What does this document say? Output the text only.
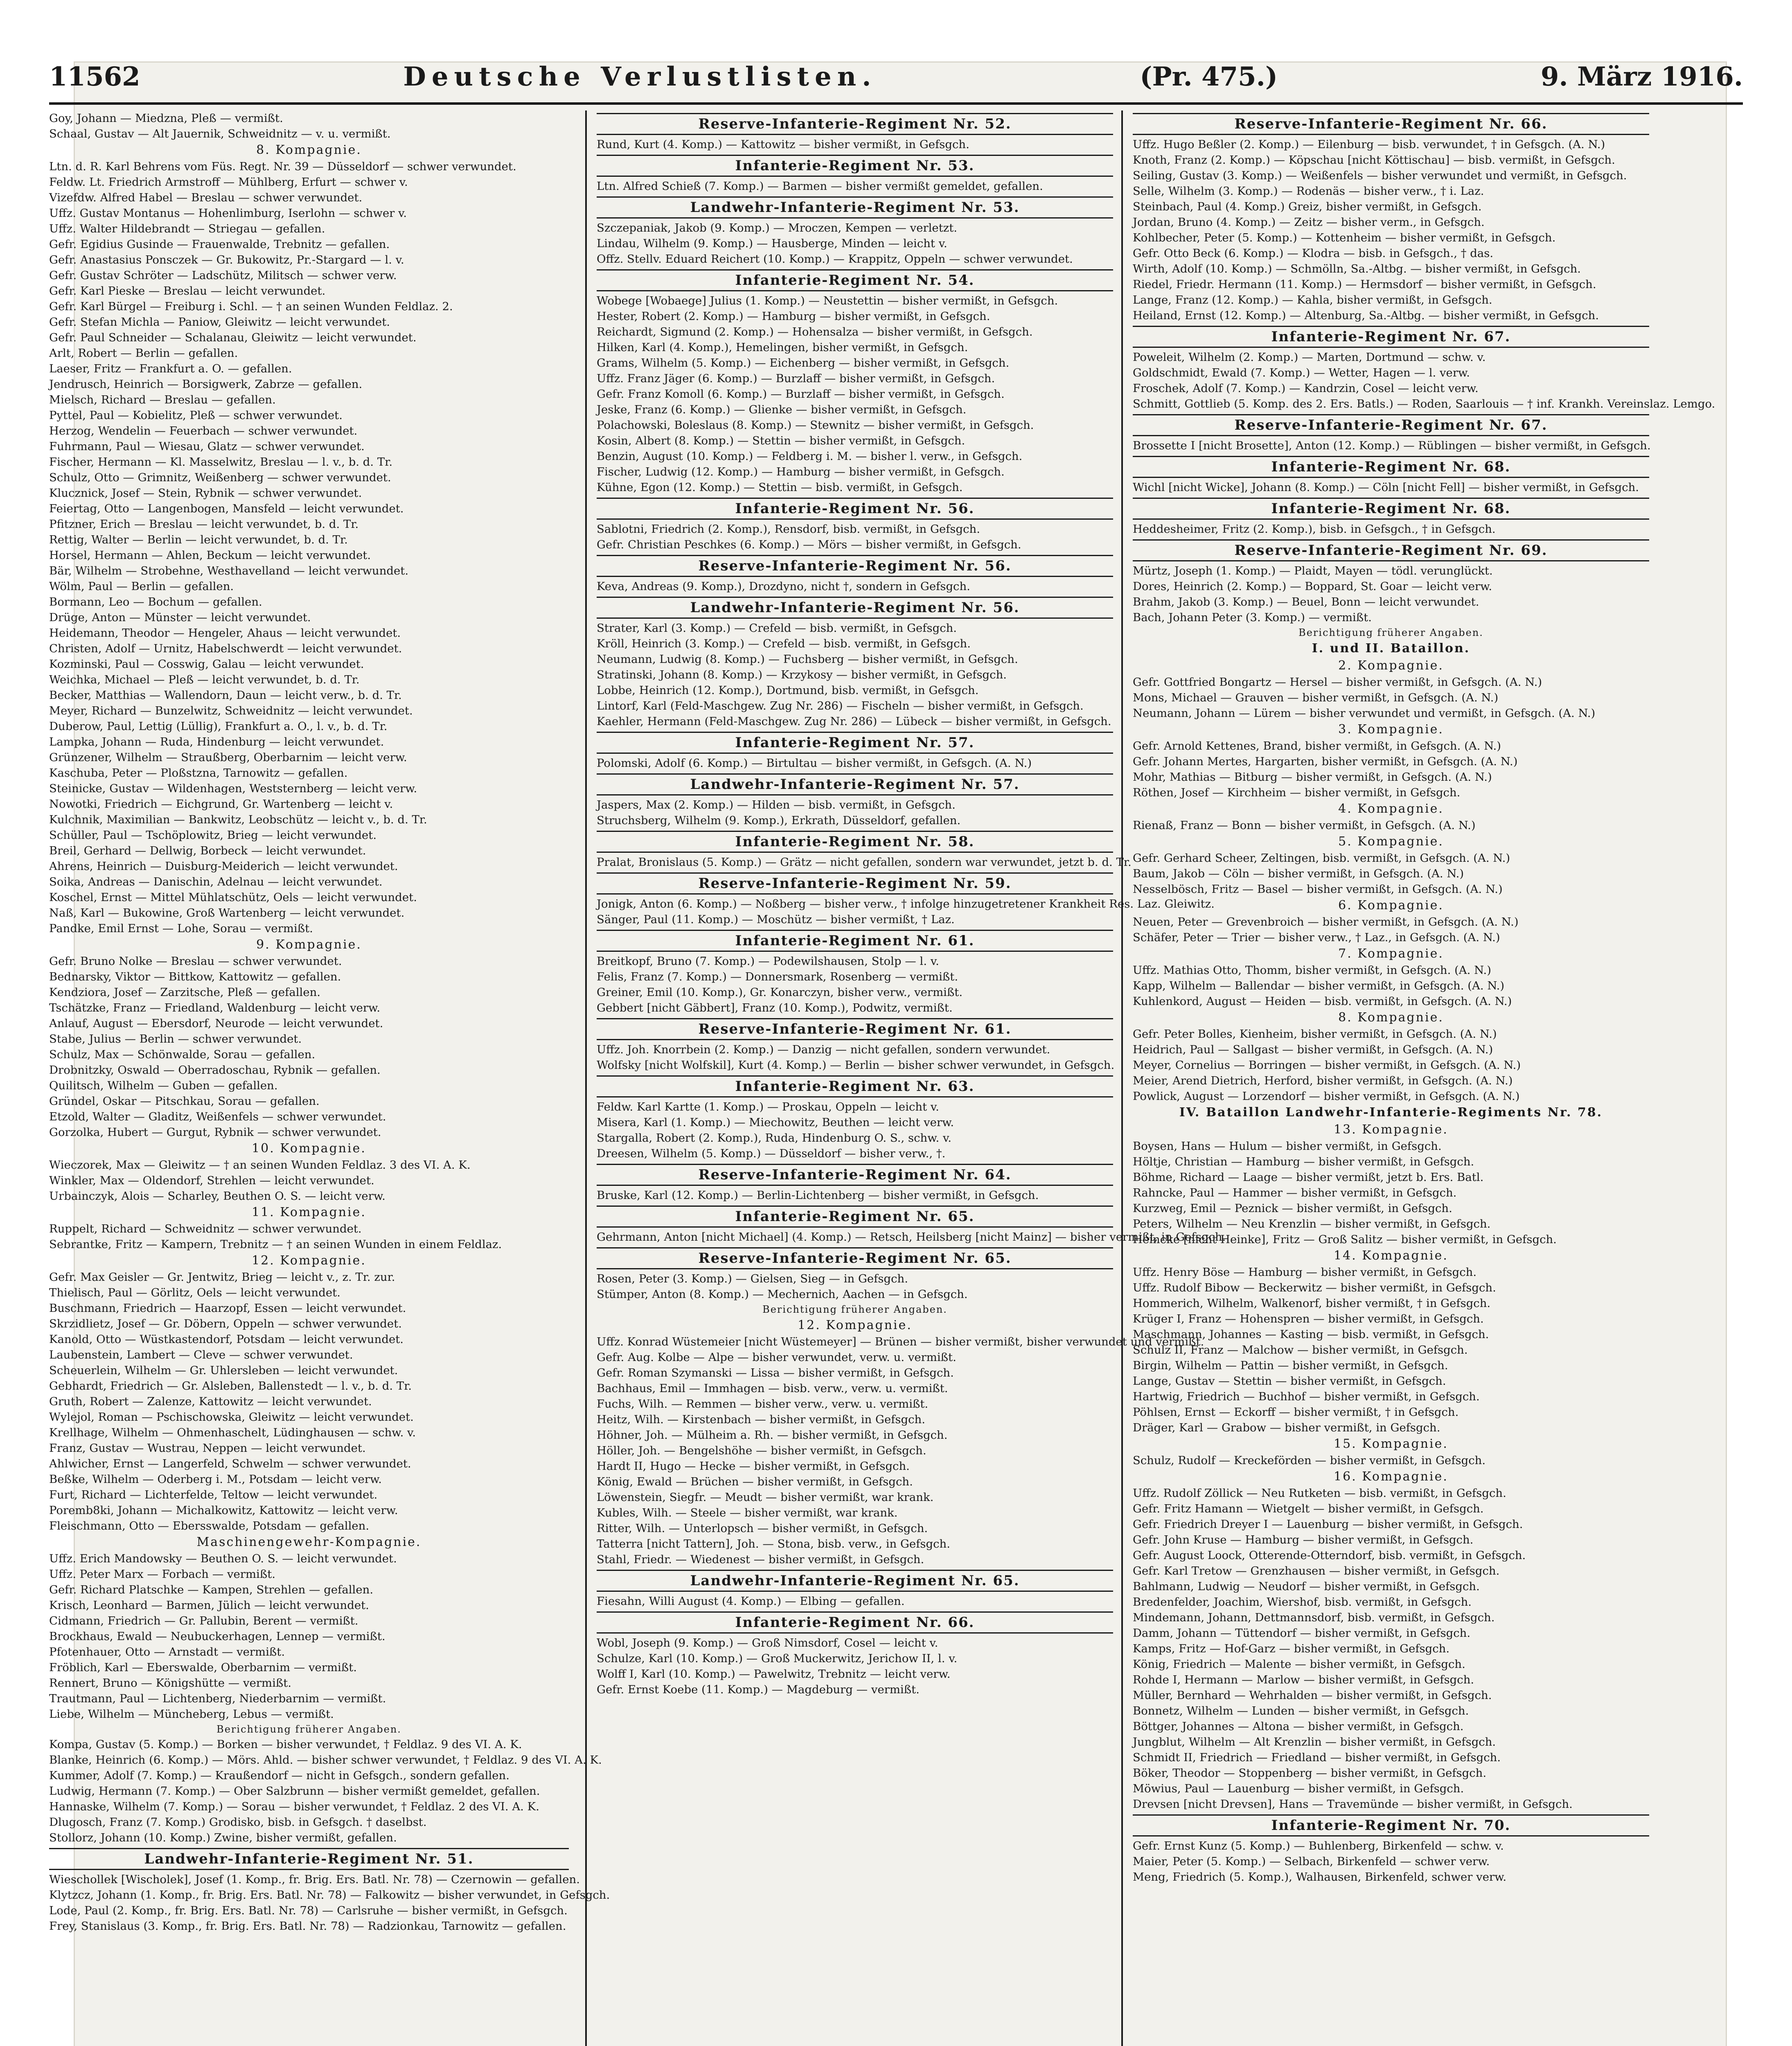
11562	Deutsche Verlustlisten.	(Pr. 475.)	9. März 1916.
Goy, Johann — Miedzna, Pleß — vermißt.
Schaal, Gustav — Alt Jauernik, Schweidnitz — v. u. vermißt.
8. Kompagnie.
Ltn. d. R. Karl Behrens vom Füs. Regt. Nr. 39 — Düsseldorf — schwer verwundet.
Feldw. Lt. Friedrich Armstroff — Mühlberg, Erfurt — schwer v.
Vizefdw. Alfred Habel — Breslau — schwer verwundet.
Uffz. Gustav Montanus — Hohenlimburg, Iserlohn — schwer v.
Uffz. Walter Hildebrandt — Striegau — gefallen.
Gefr. Egidius Gusinde — Frauenwalde, Trebnitz — gefallen.
Gefr. Anastasius Ponsczek — Gr. Bukowitz, Pr.-Stargard — l. v.
Gefr. Gustav Schröter — Ladschütz, Militsch — schwer verw.
Gefr. Karl Pieske — Breslau — leicht verwundet.
Gefr. Karl Bürgel — Freiburg i. Schl. — † an seinen Wunden Feldlaz. 2.
Gefr. Stefan Michla — Paniow, Gleiwitz — leicht verwundet.
Gefr. Paul Schneider — Schalanau, Gleiwitz — leicht verwundet.
Arlt, Robert — Berlin — gefallen.
Laeser, Fritz — Frankfurt a. O. — gefallen.
Jendrusch, Heinrich — Borsigwerk, Zabrze — gefallen.
Mielsch, Richard — Breslau — gefallen.
Pyttel, Paul — Kobielitz, Pleß — schwer verwundet.
Herzog, Wendelin — Feuerbach — schwer verwundet.
Fuhrmann, Paul — Wiesau, Glatz — schwer verwundet.
Fischer, Hermann — Kl. Masselwitz, Breslau — l. v., b. d. Tr.
Schulz, Otto — Grimnitz, Weißenberg — schwer verwundet.
Klucznick, Josef — Stein, Rybnik — schwer verwundet.
Feiertag, Otto — Langenbogen, Mansfeld — leicht verwundet.
Pfitzner, Erich — Breslau — leicht verwundet, b. d. Tr.
Rettig, Walter — Berlin — leicht verwundet, b. d. Tr.
Horsel, Hermann — Ahlen, Beckum — leicht verwundet.
Bär, Wilhelm — Strobehne, Westhavelland — leicht verwundet.
Wölm, Paul — Berlin — gefallen.
Bormann, Leo — Bochum — gefallen.
Drüge, Anton — Münster — leicht verwundet.
Heidemann, Theodor — Hengeler, Ahaus — leicht verwundet.
Christen, Adolf — Urnitz, Habelschwerdt — leicht verwundet.
Kozminski, Paul — Cosswig, Galau — leicht verwundet.
Weichka, Michael — Pleß — leicht verwundet, b. d. Tr.
Becker, Matthias — Wallendorn, Daun — leicht verw., b. d. Tr.
Meyer, Richard — Bunzelwitz, Schweidnitz — leicht verwundet.
Duberow, Paul, Lettig (Lüllig), Frankfurt a. O., l. v., b. d. Tr.
Lampka, Johann — Ruda, Hindenburg — leicht verwundet.
Grünzener, Wilhelm — Straußberg, Oberbarnim — leicht verw.
Kaschuba, Peter — Ploßstzna, Tarnowitz — gefallen.
Steinicke, Gustav — Wildenhagen, Weststernberg — leicht verw.
Nowotki, Friedrich — Eichgrund, Gr. Wartenberg — leicht v.
Kulchnik, Maximilian — Bankwitz, Leobschütz — leicht v., b. d. Tr.
Schüller, Paul — Tschöplowitz, Brieg — leicht verwundet.
Breil, Gerhard — Dellwig, Borbeck — leicht verwundet.
Ahrens, Heinrich — Duisburg-Meiderich — leicht verwundet.
Soika, Andreas — Danischin, Adelnau — leicht verwundet.
Koschel, Ernst — Mittel Mühlatschütz, Oels — leicht verwundet.
Naß, Karl — Bukowine, Groß Wartenberg — leicht verwundet.
Pandke, Emil Ernst — Lohe, Sorau — vermißt.
9. Kompagnie.
Gefr. Bruno Nolke — Breslau — schwer verwundet.
Bednarsky, Viktor — Bittkow, Kattowitz — gefallen.
Kendziora, Josef — Zarzitsche, Pleß — gefallen.
Tschätzke, Franz — Friedland, Waldenburg — leicht verw.
Anlauf, August — Ebersdorf, Neurode — leicht verwundet.
Stabe, Julius — Berlin — schwer verwundet.
Schulz, Max — Schönwalde, Sorau — gefallen.
Drobnitzky, Oswald — Oberradoschau, Rybnik — gefallen.
Quilitsch, Wilhelm — Guben — gefallen.
Gründel, Oskar — Pitschkau, Sorau — gefallen.
Etzold, Walter — Gladitz, Weißenfels — schwer verwundet.
Gorzolka, Hubert — Gurgut, Rybnik — schwer verwundet.
10. Kompagnie.
Wieczorek, Max — Gleiwitz — † an seinen Wunden Feldlaz. 3 des VI. A. K.
Winkler, Max — Oldendorf, Strehlen — leicht verwundet.
Urbainczyk, Alois — Scharley, Beuthen O. S. — leicht verw.
11. Kompagnie.
Ruppelt, Richard — Schweidnitz — schwer verwundet.
Sebrantke, Fritz — Kampern, Trebnitz — † an seinen Wunden in einem Feldlaz.
12. Kompagnie.
Gefr. Max Geisler — Gr. Jentwitz, Brieg — leicht v., z. Tr. zur.
Thielisch, Paul — Görlitz, Oels — leicht verwundet.
Buschmann, Friedrich — Haarzopf, Essen — leicht verwundet.
Skrzidlietz, Josef — Gr. Döbern, Oppeln — schwer verwundet.
Kanold, Otto — Wüstkastendorf, Potsdam — leicht verwundet.
Laubenstein, Lambert — Cleve — schwer verwundet.
Scheuerlein, Wilhelm — Gr. Uhlersleben — leicht verwundet.
Gebhardt, Friedrich — Gr. Alsleben, Ballenstedt — l. v., b. d. Tr.
Gruth, Robert — Zalenze, Kattowitz — leicht verwundet.
Wylejol, Roman — Pschischowska, Gleiwitz — leicht verwundet.
Krellhage, Wilhelm — Ohmenhaschelt, Lüdinghausen — schw. v.
Franz, Gustav — Wustrau, Neppen — leicht verwundet.
Ahlwicher, Ernst — Langerfeld, Schwelm — schwer verwundet.
Beßke, Wilhelm — Oderberg i. M., Potsdam — leicht verw.
Furt, Richard — Lichterfelde, Teltow — leicht verwundet.
Poremb8ki, Johann — Michalkowitz, Kattowitz — leicht verw.
Fleischmann, Otto — Ebersswalde, Potsdam — gefallen.
Maschinengewehr-Kompagnie.
Uffz. Erich Mandowsky — Beuthen O. S. — leicht verwundet.
Uffz. Peter Marx — Forbach — vermißt.
Gefr. Richard Platschke — Kampen, Strehlen — gefallen.
Krisch, Leonhard — Barmen, Jülich — leicht verwundet.
Cidmann, Friedrich — Gr. Pallubin, Berent — vermißt.
Brockhaus, Ewald — Neubuckerhagen, Lennep — vermißt.
Pfotenhauer, Otto — Arnstadt — vermißt.
Fröblich, Karl — Eberswalde, Oberbarnim — vermißt.
Rennert, Bruno — Königshütte — vermißt.
Trautmann, Paul — Lichtenberg, Niederbarnim — vermißt.
Liebe, Wilhelm — Müncheberg, Lebus — vermißt.
Berichtigung früherer Angaben.
Kompa, Gustav (5. Komp.) — Borken — bisher verwundet, † Feldlaz. 9 des VI. A. K.
Blanke, Heinrich (6. Komp.) — Mörs. Ahld. — bisher schwer verwundet, † Feldlaz. 9 des VI. A. K.
Kummer, Adolf (7. Komp.) — Kraußendorf — nicht in Gefsgch., sondern gefallen.
Ludwig, Hermann (7. Komp.) — Ober Salzbrunn — bisher vermißt gemeldet, gefallen.
Hannaske, Wilhelm (7. Komp.) — Sorau — bisher verwundet, † Feldlaz. 2 des VI. A. K.
Dlugosch, Franz (7. Komp.) Grodisko, bisb. in Gefsgch. † daselbst.
Stollorz, Johann (10. Komp.) Zwine, bisher vermißt, gefallen.
Landwehr-Infanterie-Regiment Nr. 51.
Wieschollek [Wischolek], Josef (1. Komp., fr. Brig. Ers. Batl. Nr. 78) — Czernowin — gefallen.
Klytzcz, Johann (1. Komp., fr. Brig. Ers. Batl. Nr. 78) — Falkowitz — bisher verwundet, in Gefsgch.
Lode, Paul (2. Komp., fr. Brig. Ers. Batl. Nr. 78) — Carlsruhe — bisher vermißt, in Gefsgch.
Frey, Stanislaus (3. Komp., fr. Brig. Ers. Batl. Nr. 78) — Radzionkau, Tarnowitz — gefallen.
Reserve-Infanterie-Regiment Nr. 52.
Rund, Kurt (4. Komp.) — Kattowitz — bisher vermißt, in Gefsgch.
Infanterie-Regiment Nr. 53.
Ltn. Alfred Schieß (7. Komp.) — Barmen — bisher vermißt gemeldet, gefallen.
Landwehr-Infanterie-Regiment Nr. 53.
Szczepaniak, Jakob (9. Komp.) — Mroczen, Kempen — verletzt.
Lindau, Wilhelm (9. Komp.) — Hausberge, Minden — leicht v.
Offz. Stellv. Eduard Reichert (10. Komp.) — Krappitz, Oppeln — schwer verwundet.
Infanterie-Regiment Nr. 54.
Wobege [Wobaege] Julius (1. Komp.) — Neustettin — bisher vermißt, in Gefsgch.
Hester, Robert (2. Komp.) — Hamburg — bisher vermißt, in Gefsgch.
Reichardt, Sigmund (2. Komp.) — Hohensalza — bisher vermißt, in Gefsgch.
Hilken, Karl (4. Komp.), Hemelingen, bisher vermißt, in Gefsgch.
Grams, Wilhelm (5. Komp.) — Eichenberg — bisher vermißt, in Gefsgch.
Uffz. Franz Jäger (6. Komp.) — Burzlaff — bisher vermißt, in Gefsgch.
Gefr. Franz Komoll (6. Komp.) — Burzlaff — bisher vermißt, in Gefsgch.
Jeske, Franz (6. Komp.) — Glienke — bisher vermißt, in Gefsgch.
Polachowski, Boleslaus (8. Komp.) — Stewnitz — bisher vermißt, in Gefsgch.
Kosin, Albert (8. Komp.) — Stettin — bisher vermißt, in Gefsgch.
Benzin, August (10. Komp.) — Feldberg i. M. — bisher l. verw., in Gefsgch.
Fischer, Ludwig (12. Komp.) — Hamburg — bisher vermißt, in Gefsgch.
Kühne, Egon (12. Komp.) — Stettin — bisb. vermißt, in Gefsgch.
Infanterie-Regiment Nr. 56.
Sablotni, Friedrich (2. Komp.), Rensdorf, bisb. vermißt, in Gefsgch.
Gefr. Christian Peschkes (6. Komp.) — Mörs — bisher vermißt, in Gefsgch.
Reserve-Infanterie-Regiment Nr. 56.
Keva, Andreas (9. Komp.), Drozdyno, nicht †, sondern in Gefsgch.
Landwehr-Infanterie-Regiment Nr. 56.
Strater, Karl (3. Komp.) — Crefeld — bisb. vermißt, in Gefsgch.
Kröll, Heinrich (3. Komp.) — Crefeld — bisb. vermißt, in Gefsgch.
Neumann, Ludwig (8. Komp.) — Fuchsberg — bisher vermißt, in Gefsgch.
Stratinski, Johann (8. Komp.) — Krzykosy — bisher vermißt, in Gefsgch.
Lobbe, Heinrich (12. Komp.), Dortmund, bisb. vermißt, in Gefsgch.
Lintorf, Karl (Feld-Maschgew. Zug Nr. 286) — Fischeln — bisher vermißt, in Gefsgch.
Kaehler, Hermann (Feld-Maschgew. Zug Nr. 286) — Lübeck — bisher vermißt, in Gefsgch.
Infanterie-Regiment Nr. 57.
Polomski, Adolf (6. Komp.) — Birtultau — bisher vermißt, in Gefsgch. (A. N.)
Landwehr-Infanterie-Regiment Nr. 57.
Jaspers, Max (2. Komp.) — Hilden — bisb. vermißt, in Gefsgch.
Struchsberg, Wilhelm (9. Komp.), Erkrath, Düsseldorf, gefallen.
Infanterie-Regiment Nr. 58.
Pralat, Bronislaus (5. Komp.) — Grätz — nicht gefallen, sondern war verwundet, jetzt b. d. Tr.
Reserve-Infanterie-Regiment Nr. 59.
Jonigk, Anton (6. Komp.) — Noßberg — bisher verw., † infolge hinzugetretener Krankheit Res. Laz. Gleiwitz.
Sänger, Paul (11. Komp.) — Moschütz — bisher vermißt, † Laz.
Infanterie-Regiment Nr. 61.
Breitkopf, Bruno (7. Komp.) — Podewilshausen, Stolp — l. v.
Felis, Franz (7. Komp.) — Donnersmark, Rosenberg — vermißt.
Greiner, Emil (10. Komp.), Gr. Konarczyn, bisher verw., vermißt.
Gebbert [nicht Gäbbert], Franz (10. Komp.), Podwitz, vermißt.
Reserve-Infanterie-Regiment Nr. 61.
Uffz. Joh. Knorrbein (2. Komp.) — Danzig — nicht gefallen, sondern verwundet.
Wolfsky [nicht Wolfskil], Kurt (4. Komp.) — Berlin — bisher schwer verwundet, in Gefsgch.
Infanterie-Regiment Nr. 63.
Feldw. Karl Kartte (1. Komp.) — Proskau, Oppeln — leicht v.
Misera, Karl (1. Komp.) — Miechowitz, Beuthen — leicht verw.
Stargalla, Robert (2. Komp.), Ruda, Hindenburg O. S., schw. v.
Dreesen, Wilhelm (5. Komp.) — Düsseldorf — bisher verw., †.
Reserve-Infanterie-Regiment Nr. 64.
Bruske, Karl (12. Komp.) — Berlin-Lichtenberg — bisher vermißt, in Gefsgch.
Infanterie-Regiment Nr. 65.
Gehrmann, Anton [nicht Michael] (4. Komp.) — Retsch, Heilsberg [nicht Mainz] — bisher vermißt, in Gefsgch.
Reserve-Infanterie-Regiment Nr. 65.
Rosen, Peter (3. Komp.) — Gielsen, Sieg — in Gefsgch.
Stümper, Anton (8. Komp.) — Mechernich, Aachen — in Gefsgch.
Berichtigung früherer Angaben.
12. Kompagnie.
Uffz. Konrad Wüstemeier [nicht Wüstemeyer] — Brünen — bisher vermißt, bisher verwundet und vermißt.
Gefr. Aug. Kolbe — Alpe — bisher verwundet, verw. u. vermißt.
Gefr. Roman Szymanski — Lissa — bisher vermißt, in Gefsgch.
Bachhaus, Emil — Immhagen — bisb. verw., verw. u. vermißt.
Fuchs, Wilh. — Remmen — bisher verw., verw. u. vermißt.
Heitz, Wilh. — Kirstenbach — bisher vermißt, in Gefsgch.
Höhner, Joh. — Mülheim a. Rh. — bisher vermißt, in Gefsgch.
Höller, Joh. — Bengelshöhe — bisher vermißt, in Gefsgch.
Hardt II, Hugo — Hecke — bisher vermißt, in Gefsgch.
König, Ewald — Brüchen — bisher vermißt, in Gefsgch.
Löwenstein, Siegfr. — Meudt — bisher vermißt, war krank.
Kubles, Wilh. — Steele — bisher vermißt, war krank.
Ritter, Wilh. — Unterlopsch — bisher vermißt, in Gefsgch.
Tatterra [nicht Tattern], Joh. — Stona, bisb. verw., in Gefsgch.
Stahl, Friedr. — Wiedenest — bisher vermißt, in Gefsgch.
Landwehr-Infanterie-Regiment Nr. 65.
Fiesahn, Willi August (4. Komp.) — Elbing — gefallen.
Infanterie-Regiment Nr. 66.
Wobl, Joseph (9. Komp.) — Groß Nimsdorf, Cosel — leicht v.
Schulze, Karl (10. Komp.) — Groß Muckerwitz, Jerichow II, l. v.
Wolff I, Karl (10. Komp.) — Pawelwitz, Trebnitz — leicht verw.
Gefr. Ernst Koebe (11. Komp.) — Magdeburg — vermißt.
Reserve-Infanterie-Regiment Nr. 66.
Uffz. Hugo Beßler (2. Komp.) — Eilenburg — bisb. verwundet, † in Gefsgch. (A. N.)
Knoth, Franz (2. Komp.) — Köpschau [nicht Köttischau] — bisb. vermißt, in Gefsgch.
Seiling, Gustav (3. Komp.) — Weißenfels — bisher verwundet und vermißt, in Gefsgch.
Selle, Wilhelm (3. Komp.) — Rodenäs — bisher verw., † i. Laz.
Steinbach, Paul (4. Komp.) Greiz, bisher vermißt, in Gefsgch.
Jordan, Bruno (4. Komp.) — Zeitz — bisher verm., in Gefsgch.
Kohlbecher, Peter (5. Komp.) — Kottenheim — bisher vermißt, in Gefsgch.
Gefr. Otto Beck (6. Komp.) — Klodra — bisb. in Gefsgch., † das.
Wirth, Adolf (10. Komp.) — Schmölln, Sa.-Altbg. — bisher vermißt, in Gefsgch.
Riedel, Friedr. Hermann (11. Komp.) — Hermsdorf — bisher vermißt, in Gefsgch.
Lange, Franz (12. Komp.) — Kahla, bisher vermißt, in Gefsgch.
Heiland, Ernst (12. Komp.) — Altenburg, Sa.-Altbg. — bisher vermißt, in Gefsgch.
Infanterie-Regiment Nr. 67.
Poweleit, Wilhelm (2. Komp.) — Marten, Dortmund — schw. v.
Goldschmidt, Ewald (7. Komp.) — Wetter, Hagen — l. verw.
Froschek, Adolf (7. Komp.) — Kandrzin, Cosel — leicht verw.
Schmitt, Gottlieb (5. Komp. des 2. Ers. Batls.) — Roden, Saarlouis — † inf. Krankh. Vereinslaz. Lemgo.
Reserve-Infanterie-Regiment Nr. 67.
Brossette I [nicht Brosette], Anton (12. Komp.) — Rüblingen — bisher vermißt, in Gefsgch.
Infanterie-Regiment Nr. 68.
Wichl [nicht Wicke], Johann (8. Komp.) — Cöln [nicht Fell] — bisher vermißt, in Gefsgch.
Infanterie-Regiment Nr. 68.
Heddesheimer, Fritz (2. Komp.), bisb. in Gefsgch., † in Gefsgch.
Reserve-Infanterie-Regiment Nr. 69.
Mürtz, Joseph (1. Komp.) — Plaidt, Mayen — tödl. verunglückt.
Dores, Heinrich (2. Komp.) — Boppard, St. Goar — leicht verw.
Brahm, Jakob (3. Komp.) — Beuel, Bonn — leicht verwundet.
Bach, Johann Peter (3. Komp.) — vermißt.
Berichtigung früherer Angaben.
I. und II. Bataillon.
2. Kompagnie.
Gefr. Gottfried Bongartz — Hersel — bisher vermißt, in Gefsgch. (A. N.)
Mons, Michael — Grauven — bisher vermißt, in Gefsgch. (A. N.)
Neumann, Johann — Lürem — bisher verwundet und vermißt, in Gefsgch. (A. N.)
3. Kompagnie.
Gefr. Arnold Kettenes, Brand, bisher vermißt, in Gefsgch. (A. N.)
Gefr. Johann Mertes, Hargarten, bisher vermißt, in Gefsgch. (A. N.)
Mohr, Mathias — Bitburg — bisher vermißt, in Gefsgch. (A. N.)
Röthen, Josef — Kirchheim — bisher vermißt, in Gefsgch.
4. Kompagnie.
Rienaß, Franz — Bonn — bisher vermißt, in Gefsgch. (A. N.)
5. Kompagnie.
Gefr. Gerhard Scheer, Zeltingen, bisb. vermißt, in Gefsgch. (A. N.)
Baum, Jakob — Cöln — bisher vermißt, in Gefsgch. (A. N.)
Nesselbösch, Fritz — Basel — bisher vermißt, in Gefsgch. (A. N.)
6. Kompagnie.
Neuen, Peter — Grevenbroich — bisher vermißt, in Gefsgch. (A. N.)
Schäfer, Peter — Trier — bisher verw., † Laz., in Gefsgch. (A. N.)
7. Kompagnie.
Uffz. Mathias Otto, Thomm, bisher vermißt, in Gefsgch. (A. N.)
Kapp, Wilhelm — Ballendar — bisher vermißt, in Gefsgch. (A. N.)
Kuhlenkord, August — Heiden — bisb. vermißt, in Gefsgch. (A. N.)
8. Kompagnie.
Gefr. Peter Bolles, Kienheim, bisher vermißt, in Gefsgch. (A. N.)
Heidrich, Paul — Sallgast — bisher vermißt, in Gefsgch. (A. N.)
Meyer, Cornelius — Borringen — bisher vermißt, in Gefsgch. (A. N.)
Meier, Arend Dietrich, Herford, bisher vermißt, in Gefsgch. (A. N.)
Powlick, August — Lorzendorf — bisher vermißt, in Gefsgch. (A. N.)
IV. Bataillon Landwehr-Infanterie-Regiments Nr. 78.
13. Kompagnie.
Boysen, Hans — Hulum — bisher vermißt, in Gefsgch.
Höltje, Christian — Hamburg — bisher vermißt, in Gefsgch.
Böhme, Richard — Laage — bisher vermißt, jetzt b. Ers. Batl.
Rahncke, Paul — Hammer — bisher vermißt, in Gefsgch.
Kurzweg, Emil — Peznick — bisher vermißt, in Gefsgch.
Peters, Wilhelm — Neu Krenzlin — bisher vermißt, in Gefsgch.
Heincke [nicht Heinke], Fritz — Groß Salitz — bisher vermißt, in Gefsgch.
14. Kompagnie.
Uffz. Henry Böse — Hamburg — bisher vermißt, in Gefsgch.
Uffz. Rudolf Bibow — Beckerwitz — bisher vermißt, in Gefsgch.
Hommerich, Wilhelm, Walkenorf, bisher vermißt, † in Gefsgch.
Krüger I, Franz — Hohenspren — bisher vermißt, in Gefsgch.
Maschmann, Johannes — Kasting — bisb. vermißt, in Gefsgch.
Schulz II, Franz — Malchow — bisher vermißt, in Gefsgch.
Birgin, Wilhelm — Pattin — bisher vermißt, in Gefsgch.
Lange, Gustav — Stettin — bisher vermißt, in Gefsgch.
Hartwig, Friedrich — Buchhof — bisher vermißt, in Gefsgch.
Pöhlsen, Ernst — Eckorff — bisher vermißt, † in Gefsgch.
Dräger, Karl — Grabow — bisher vermißt, in Gefsgch.
15. Kompagnie.
Schulz, Rudolf — Kreckeförden — bisher vermißt, in Gefsgch.
16. Kompagnie.
Uffz. Rudolf Zöllick — Neu Rutketen — bisb. vermißt, in Gefsgch.
Gefr. Fritz Hamann — Wietgelt — bisher vermißt, in Gefsgch.
Gefr. Friedrich Dreyer I — Lauenburg — bisher vermißt, in Gefsgch.
Gefr. John Kruse — Hamburg — bisher vermißt, in Gefsgch.
Gefr. August Loock, Otterende-Otterndorf, bisb. vermißt, in Gefsgch.
Gefr. Karl Tretow — Grenzhausen — bisher vermißt, in Gefsgch.
Bahlmann, Ludwig — Neudorf — bisher vermißt, in Gefsgch.
Bredenfelder, Joachim, Wiershof, bisb. vermißt, in Gefsgch.
Mindemann, Johann, Dettmannsdorf, bisb. vermißt, in Gefsgch.
Damm, Johann — Tüttendorf — bisher vermißt, in Gefsgch.
Kamps, Fritz — Hof-Garz — bisher vermißt, in Gefsgch.
König, Friedrich — Malente — bisher vermißt, in Gefsgch.
Rohde I, Hermann — Marlow — bisher vermißt, in Gefsgch.
Müller, Bernhard — Wehrhalden — bisher vermißt, in Gefsgch.
Bonnetz, Wilhelm — Lunden — bisher vermißt, in Gefsgch.
Böttger, Johannes — Altona — bisher vermißt, in Gefsgch.
Jungblut, Wilhelm — Alt Krenzlin — bisher vermißt, in Gefsgch.
Schmidt II, Friedrich — Friedland — bisher vermißt, in Gefsgch.
Böker, Theodor — Stoppenberg — bisher vermißt, in Gefsgch.
Möwius, Paul — Lauenburg — bisher vermißt, in Gefsgch.
Drevsen [nicht Drevsen], Hans — Travemünde — bisher vermißt, in Gefsgch.
Infanterie-Regiment Nr. 70.
Gefr. Ernst Kunz (5. Komp.) — Buhlenberg, Birkenfeld — schw. v.
Maier, Peter (5. Komp.) — Selbach, Birkenfeld — schwer verw.
Meng, Friedrich (5. Komp.), Walhausen, Birkenfeld, schwer verw.
